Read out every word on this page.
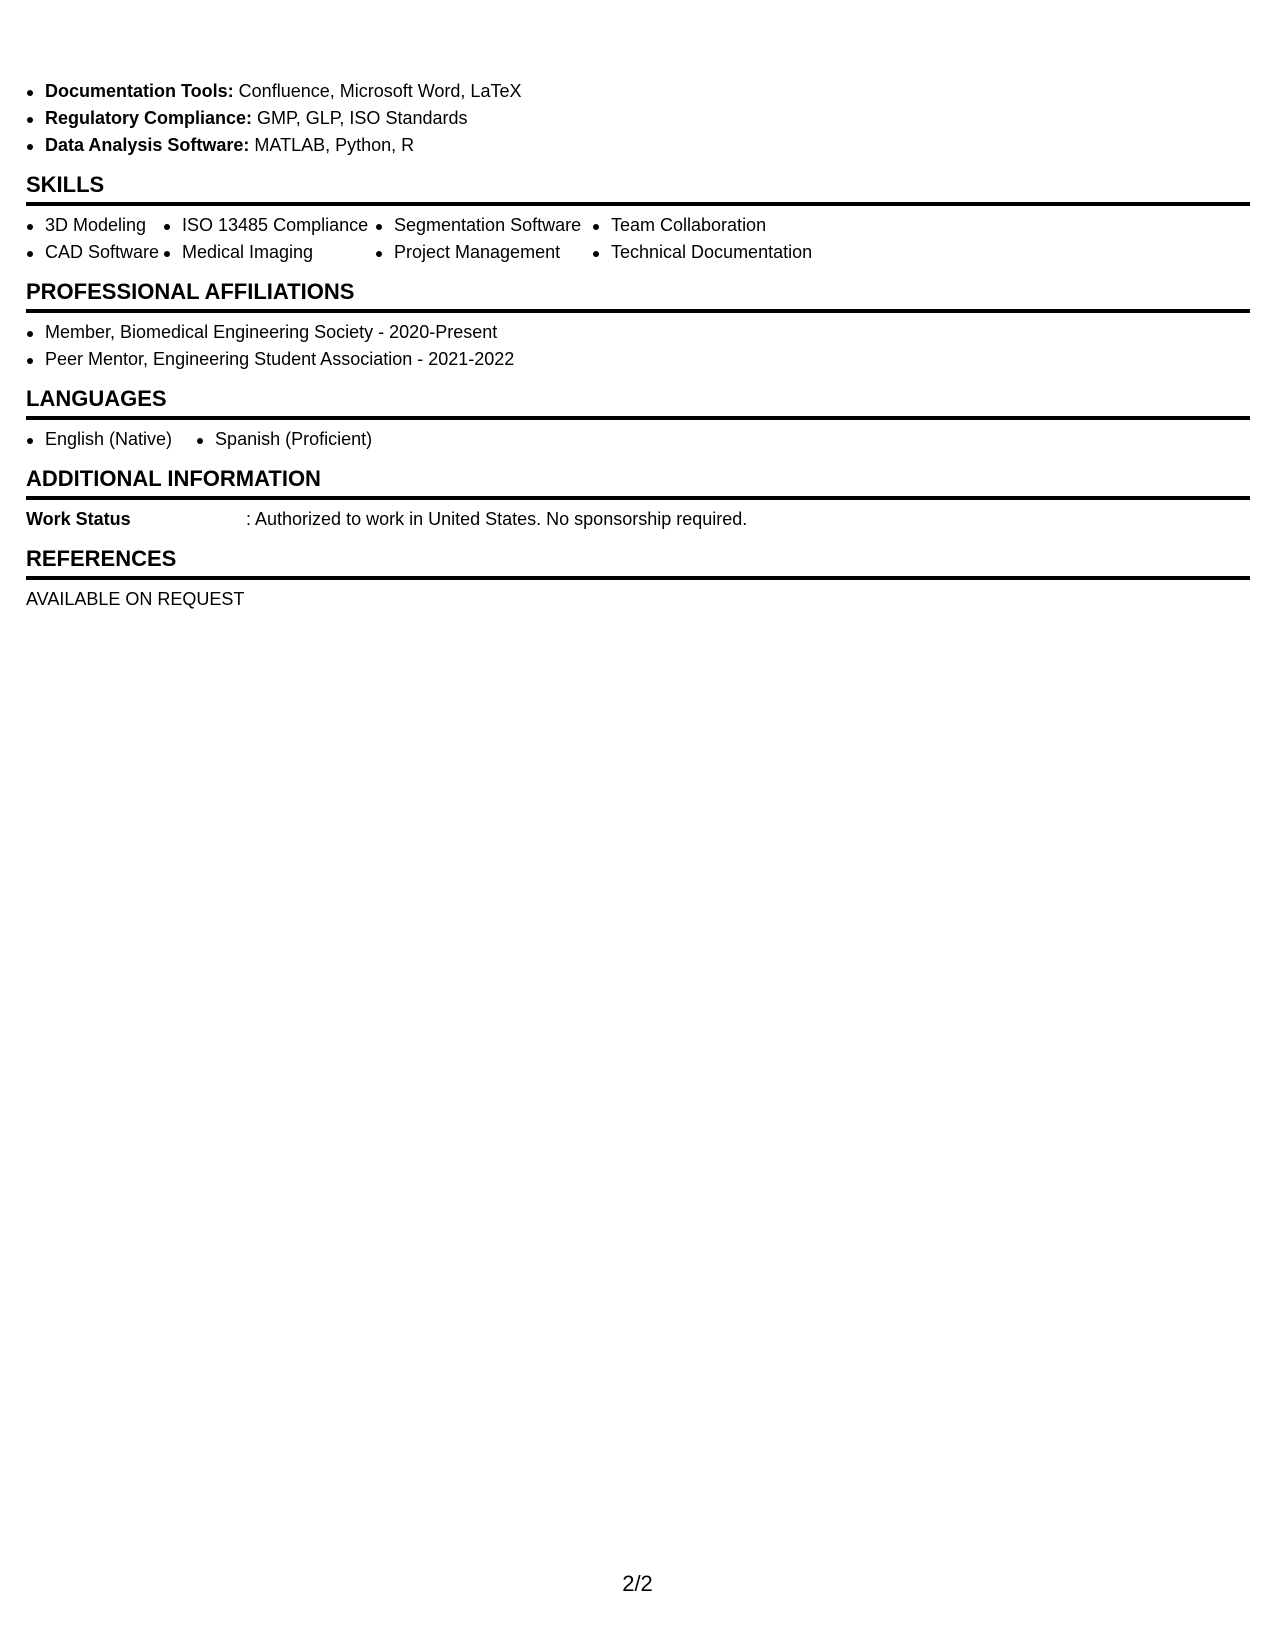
Documentation Tools: Confluence, Microsoft Word, LaTeX
Regulatory Compliance: GMP, GLP, ISO Standards
Data Analysis Software: MATLAB, Python, R
SKILLS
3D Modeling
CAD Software
ISO 13485 Compliance
Medical Imaging
Segmentation Software
Project Management
Team Collaboration
Technical Documentation
PROFESSIONAL AFFILIATIONS
Member, Biomedical Engineering Society - 2020-Present
Peer Mentor, Engineering Student Association - 2021-2022
LANGUAGES
English (Native)	Spanish (Proficient)
ADDITIONAL INFORMATION
Work Status	: Authorized to work in United States. No sponsorship required.
REFERENCES
AVAILABLE ON REQUEST
2/2
